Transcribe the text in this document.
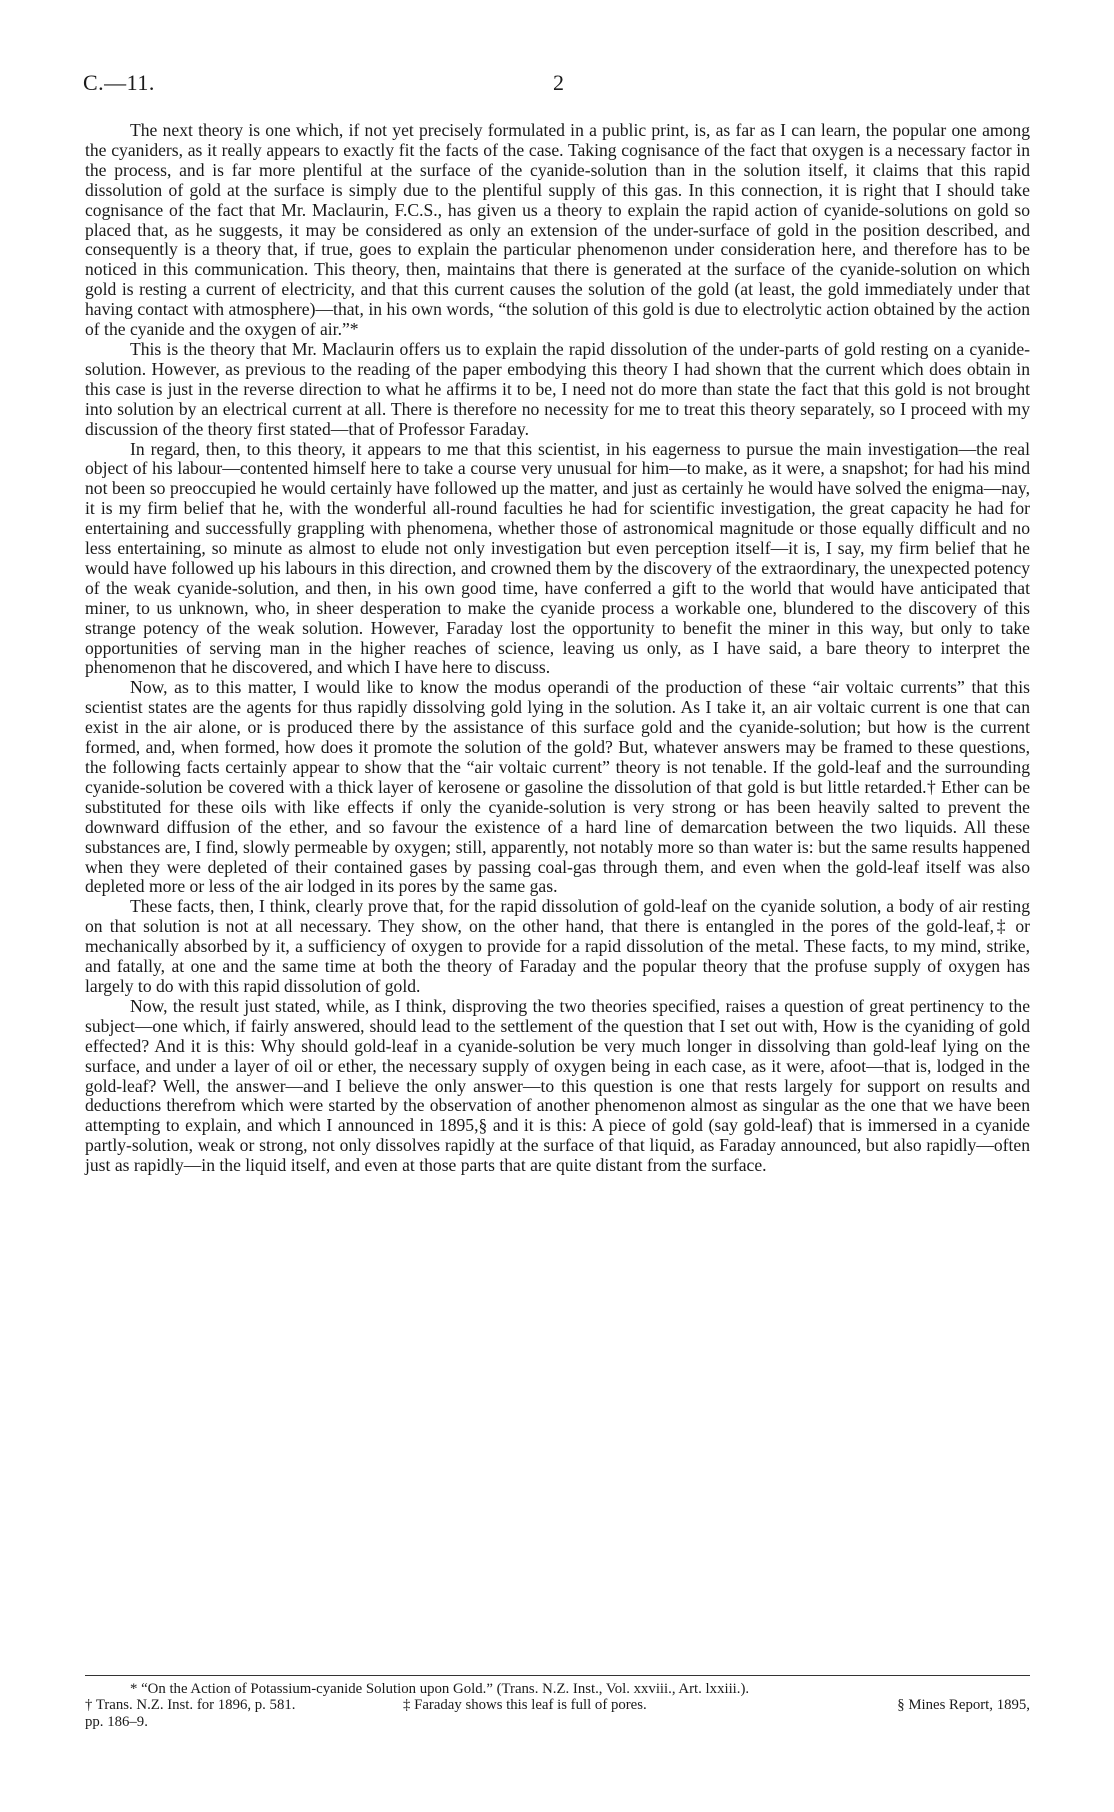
C.—11.	2

The next theory is one which, if not yet precisely formulated in a public print, is, as far as I can learn, the popular one among the cyaniders, as it really appears to exactly fit the facts of the case. Taking cognisance of the fact that oxygen is a necessary factor in the process, and is far more plentiful at the surface of the cyanide-solution than in the solution itself, it claims that this rapid dissolution of gold at the surface is simply due to the plentiful supply of this gas. In this connection, it is right that I should take cognisance of the fact that Mr. Maclaurin, F.C.S., has given us a theory to explain the rapid action of cyanide-solutions on gold so placed that, as he suggests, it may be considered as only an extension of the under-surface of gold in the position described, and consequently is a theory that, if true, goes to explain the particular phenomenon under consideration here, and therefore has to be noticed in this communication. This theory, then, maintains that there is generated at the surface of the cyanide-solution on which gold is resting a current of electricity, and that this current causes the solution of the gold (at least, the gold immediately under that having contact with atmosphere)—that, in his own words, “the solution of this gold is due to electrolytic action obtained by the action of the cyanide and the oxygen of air.”*

This is the theory that Mr. Maclaurin offers us to explain the rapid dissolution of the under-parts of gold resting on a cyanide-solution. However, as previous to the reading of the paper embodying this theory I had shown that the current which does obtain in this case is just in the reverse direction to what he affirms it to be, I need not do more than state the fact that this gold is not brought into solution by an electrical current at all. There is therefore no necessity for me to treat this theory separately, so I proceed with my discussion of the theory first stated—that of Professor Faraday.

In regard, then, to this theory, it appears to me that this scientist, in his eagerness to pursue the main investigation—the real object of his labour—contented himself here to take a course very unusual for him—to make, as it were, a snapshot; for had his mind not been so preoccupied he would certainly have followed up the matter, and just as certainly he would have solved the enigma—nay, it is my firm belief that he, with the wonderful all-round faculties he had for scientific investigation, the great capacity he had for entertaining and successfully grappling with phenomena, whether those of astronomical magnitude or those equally difficult and no less entertaining, so minute as almost to elude not only investigation but even perception itself—it is, I say, my firm belief that he would have followed up his labours in this direction, and crowned them by the discovery of the extraordinary, the unexpected potency of the weak cyanide-solution, and then, in his own good time, have conferred a gift to the world that would have anticipated that miner, to us unknown, who, in sheer desperation to make the cyanide process a workable one, blundered to the discovery of this strange potency of the weak solution. However, Faraday lost the opportunity to benefit the miner in this way, but only to take opportunities of serving man in the higher reaches of science, leaving us only, as I have said, a bare theory to interpret the phenomenon that he discovered, and which I have here to discuss.

Now, as to this matter, I would like to know the modus operandi of the production of these “air voltaic currents” that this scientist states are the agents for thus rapidly dissolving gold lying in the solution. As I take it, an air voltaic current is one that can exist in the air alone, or is produced there by the assistance of this surface gold and the cyanide-solution; but how is the current formed, and, when formed, how does it promote the solution of the gold? But, whatever answers may be framed to these questions, the following facts certainly appear to show that the “air voltaic current” theory is not tenable. If the gold-leaf and the surrounding cyanide-solution be covered with a thick layer of kerosene or gasoline the dissolution of that gold is but little retarded.† Ether can be substituted for these oils with like effects if only the cyanide-solution is very strong or has been heavily salted to prevent the downward diffusion of the ether, and so favour the existence of a hard line of demarcation between the two liquids. All these substances are, I find, slowly permeable by oxygen; still, apparently, not notably more so than water is: but the same results happened when they were depleted of their contained gases by passing coal-gas through them, and even when the gold-leaf itself was also depleted more or less of the air lodged in its pores by the same gas.

These facts, then, I think, clearly prove that, for the rapid dissolution of gold-leaf on the cyanide solution, a body of air resting on that solution is not at all necessary. They show, on the other hand, that there is entangled in the pores of the gold-leaf,‡ or mechanically absorbed by it, a sufficiency of oxygen to provide for a rapid dissolution of the metal. These facts, to my mind, strike, and fatally, at one and the same time at both the theory of Faraday and the popular theory that the profuse supply of oxygen has largely to do with this rapid dissolution of gold.

Now, the result just stated, while, as I think, disproving the two theories specified, raises a question of great pertinency to the subject—one which, if fairly answered, should lead to the settlement of the question that I set out with, How is the cyaniding of gold effected? And it is this: Why should gold-leaf in a cyanide-solution be very much longer in dissolving than gold-leaf lying on the surface, and under a layer of oil or ether, the necessary supply of oxygen being in each case, as it were, afoot—that is, lodged in the gold-leaf? Well, the answer—and I believe the only answer—to this question is one that rests largely for support on results and deductions therefrom which were started by the observation of another phenomenon almost as singular as the one that we have been attempting to explain, and which I announced in 1895,§ and it is this: A piece of gold (say gold-leaf) that is immersed in a cyanide partly-solution, weak or strong, not only dissolves rapidly at the surface of that liquid, as Faraday announced, but also rapidly—often just as rapidly—in the liquid itself, and even at those parts that are quite distant from the surface.

* “On the Action of Potassium-cyanide Solution upon Gold.” (Trans. N.Z. Inst., Vol. xxviii., Art. lxxiii.).

† Trans. N.Z. Inst. for 1896, p. 581.	‡ Faraday shows this leaf is full of pores.	§ Mines Report, 1895,

pp. 186–9.
